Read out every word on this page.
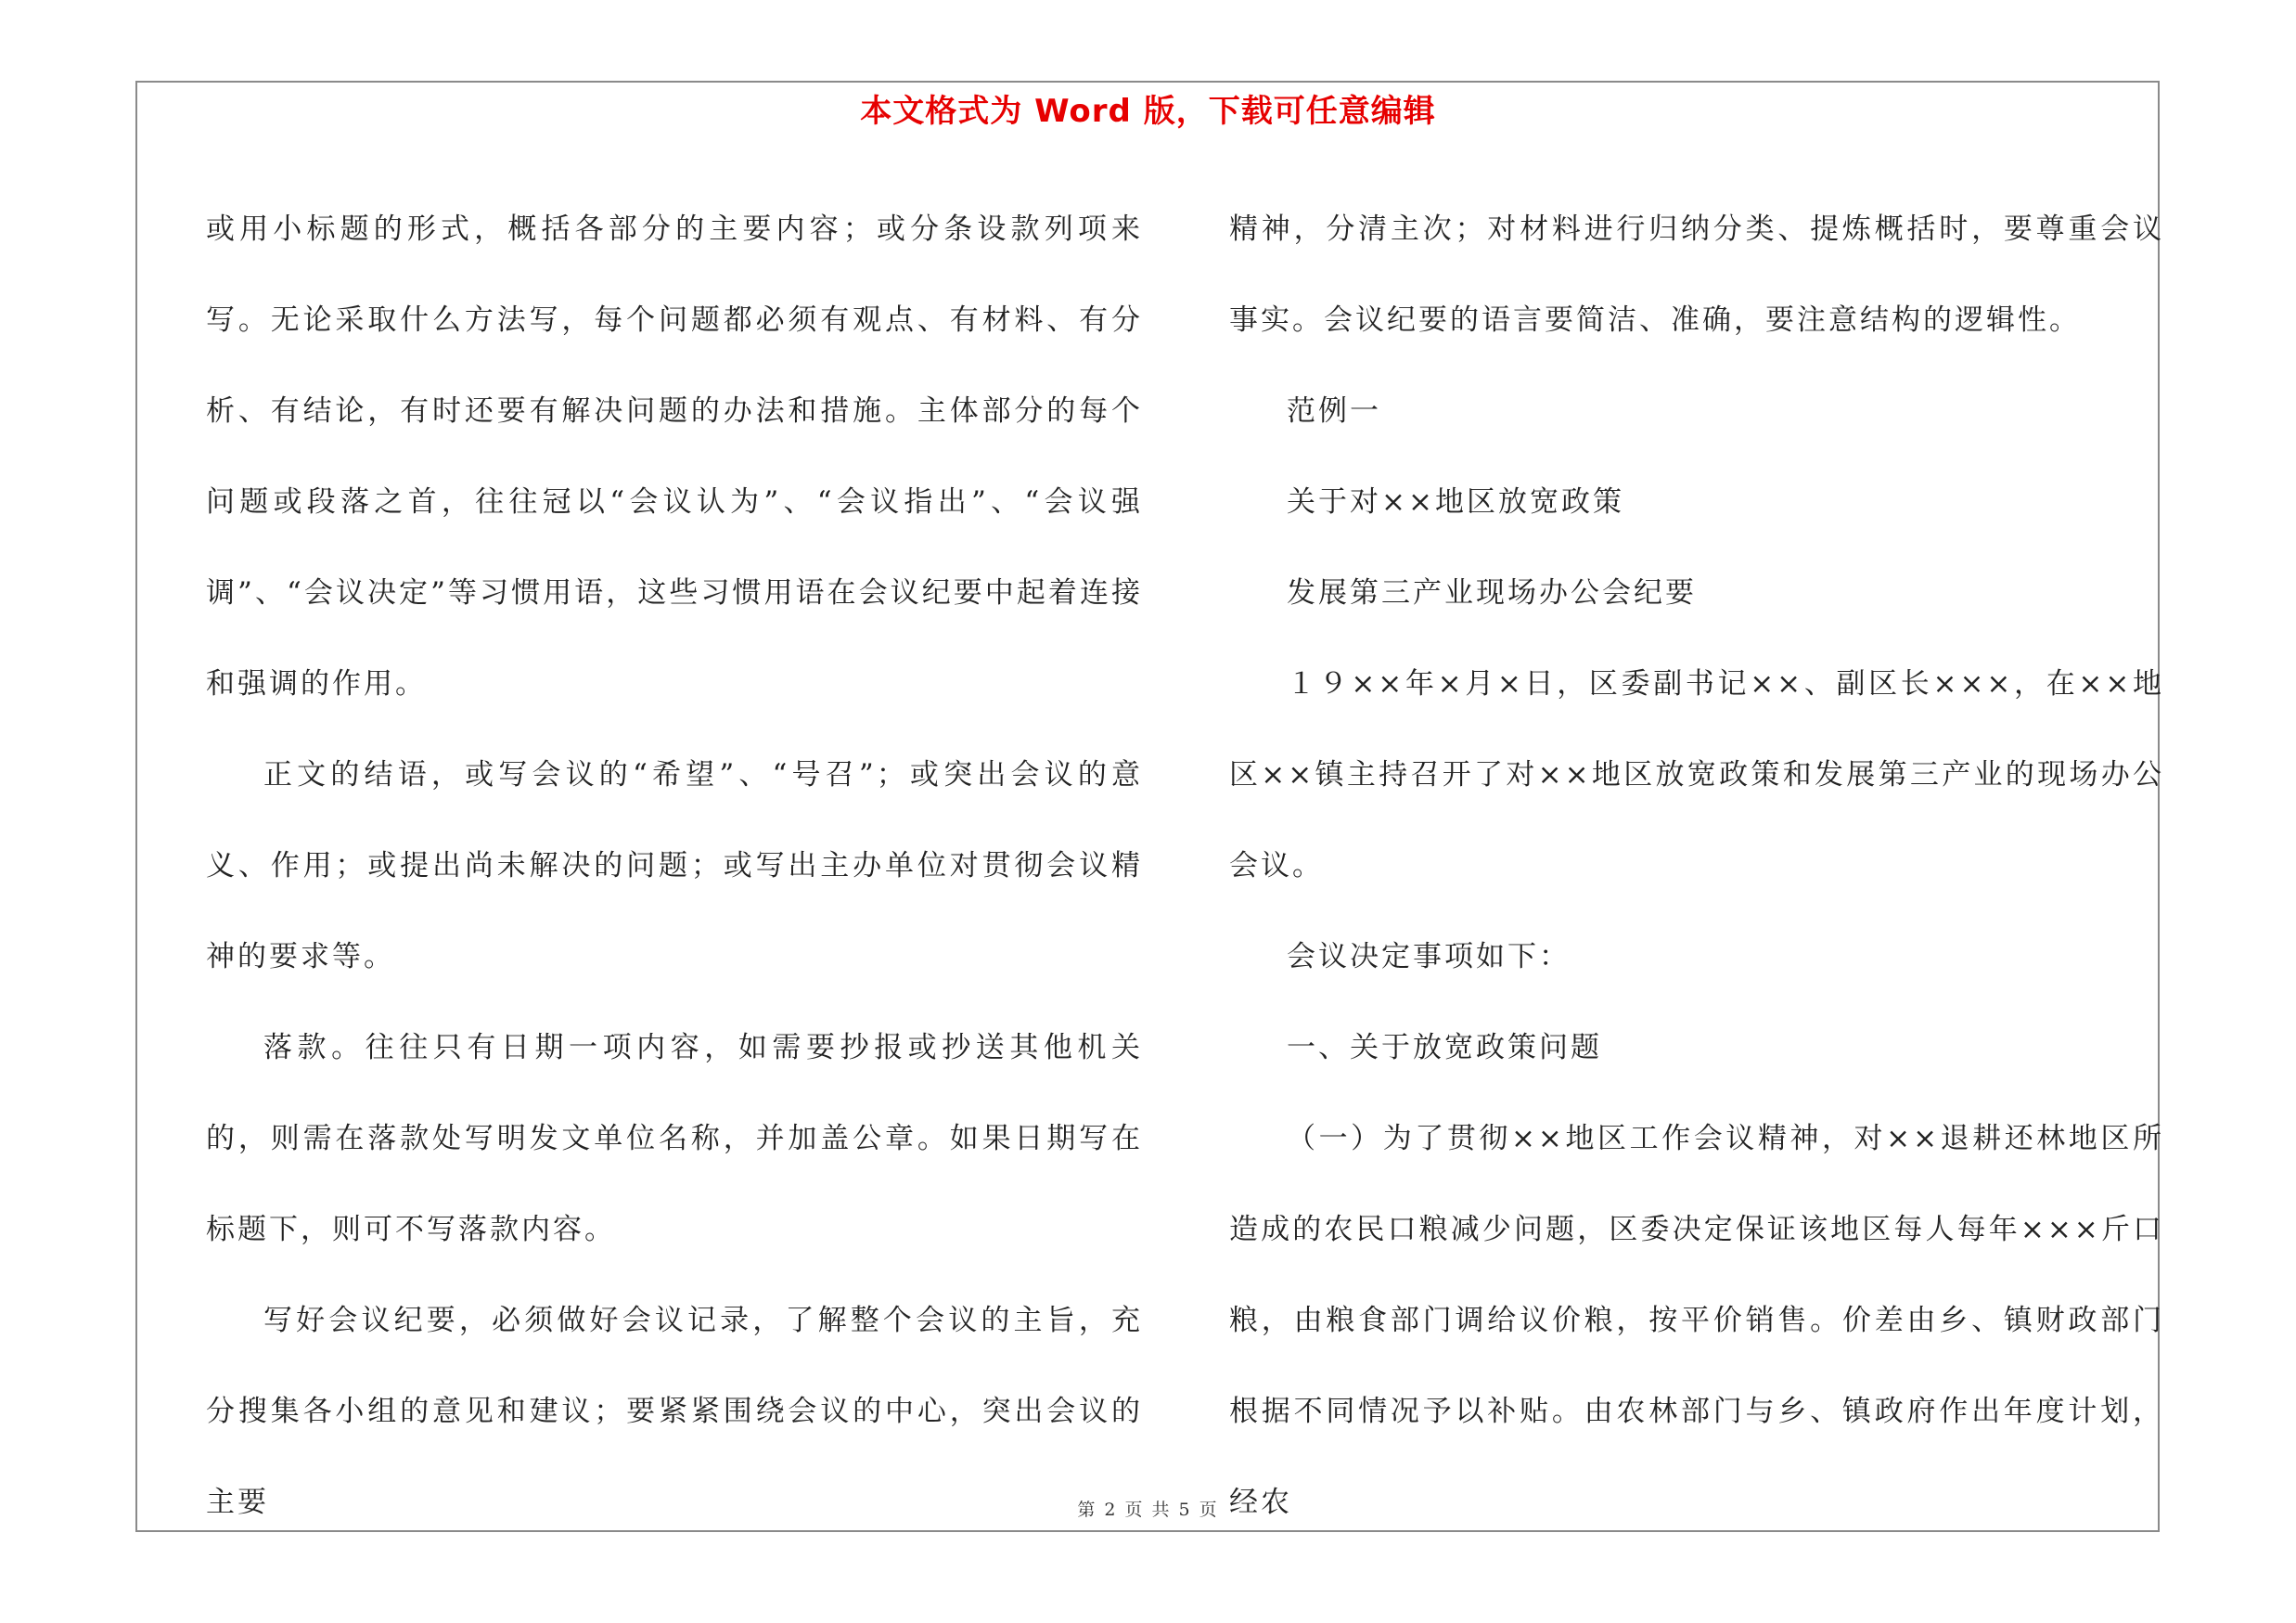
本文格式为 Word 版，下载可任意编辑

或用小标题的形式，概括各部分的主要内容；或分条设款列项来写。无论采取什么方法写，每个问题都必须有观点、有材料、有分析、有结论，有时还要有解决问题的办法和措施。主体部分的每个问题或段落之首，往往冠以“会议认为”、“会议指出”、“会议强调”、“会议决定”等习惯用语，这些习惯用语在会议纪要中起着连接和强调的作用。

正文的结语，或写会议的“希望”、“号召”；或突出会议的意义、作用；或提出尚未解决的问题；或写出主办单位对贯彻会议精神的要求等。

落款。往往只有日期一项内容，如需要抄报或抄送其他机关的，则需在落款处写明发文单位名称，并加盖公章。如果日期写在标题下，则可不写落款内容。

写好会议纪要，必须做好会议记录，了解整个会议的主旨，充分搜集各小组的意见和建议；要紧紧围绕会议的中心，突出会议的主要

精神，分清主次；对材料进行归纳分类、提炼概括时，要尊重会议事实。会议纪要的语言要简洁、准确，要注意结构的逻辑性。

范例一

关于对××地区放宽政策

发展第三产业现场办公会纪要

１９××年×月×日，区委副书记××、副区长×××，在××地区××镇主持召开了对××地区放宽政策和发展第三产业的现场办公会议。

会议决定事项如下：

一、关于放宽政策问题

（一）为了贯彻××地区工作会议精神，对××退耕还林地区所造成的农民口粮减少问题，区委决定保证该地区每人每年×××斤口粮，由粮食部门调给议价粮，按平价销售。价差由乡、镇财政部门根据不同情况予以补贴。由农林部门与乡、镇政府作出年度计划，经农

第 2 页 共 5 页
